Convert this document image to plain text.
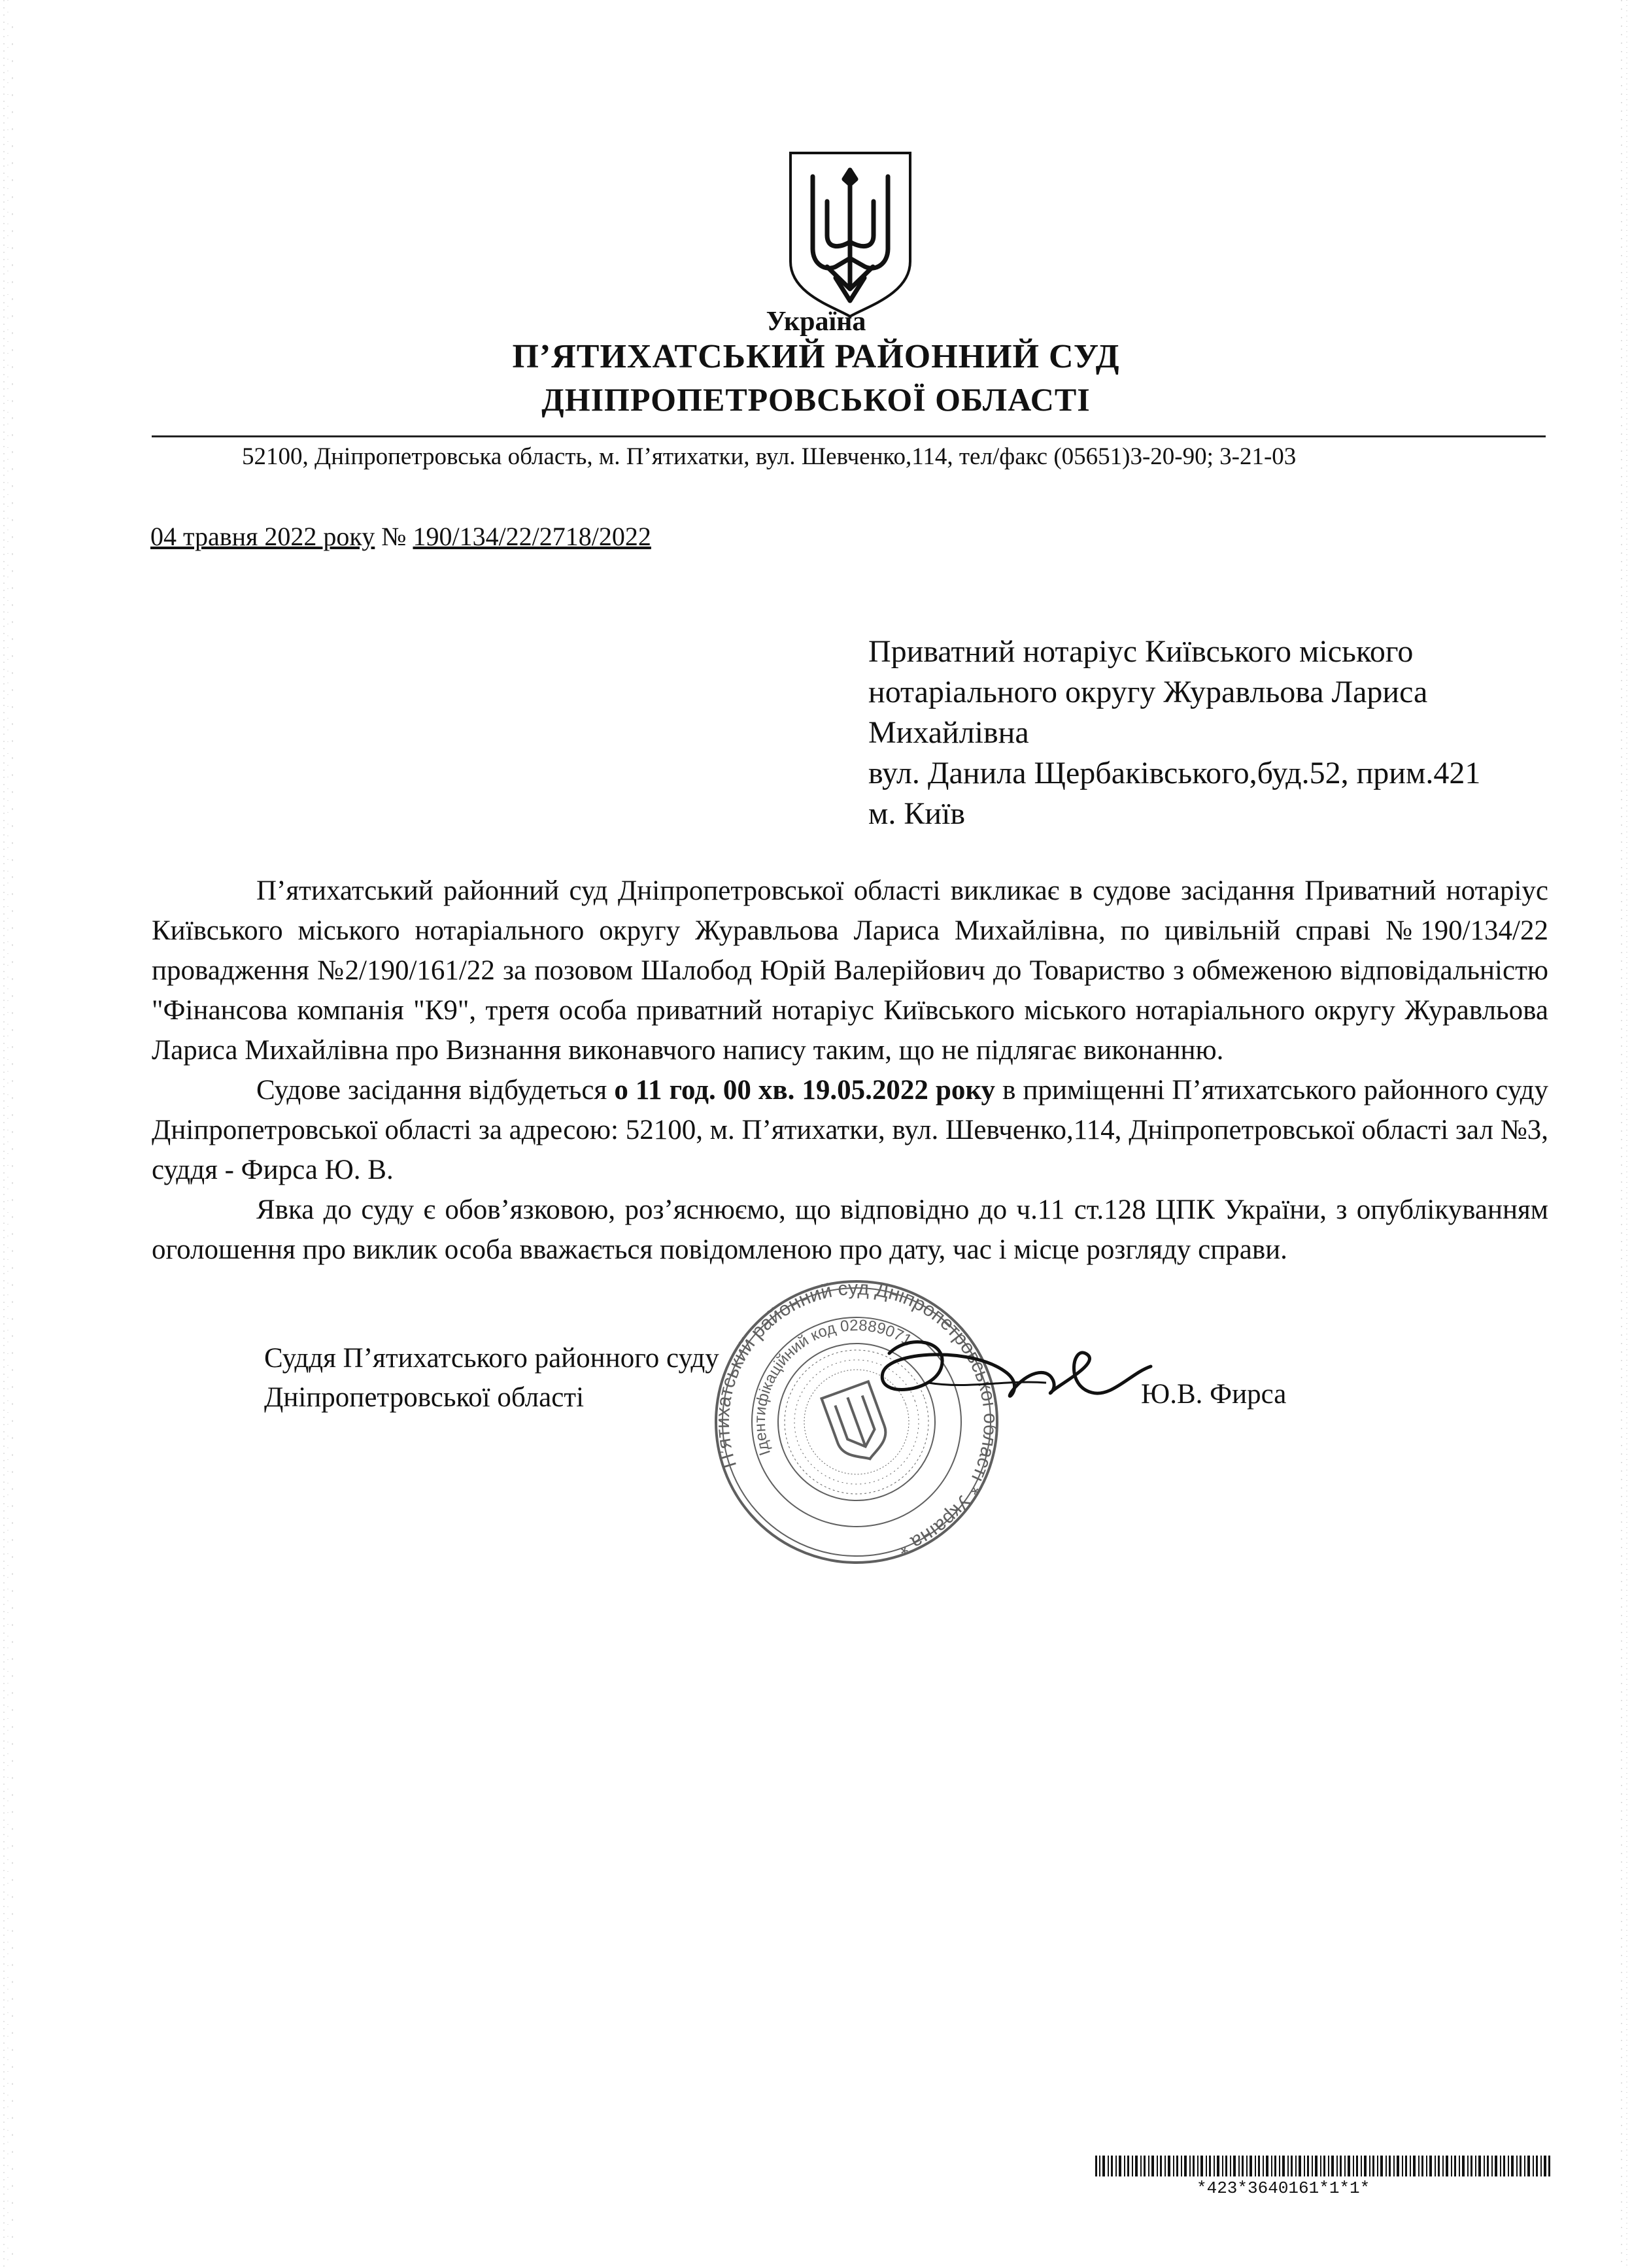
Україна
П’ЯТИХАТСЬКИЙ РАЙОННИЙ СУД
ДНІПРОПЕТРОВСЬКОЇ ОБЛАСТІ
52100, Дніпропетровська область, м. П’ятихатки, вул. Шевченко,114, тел/факс (05651)3-20-90; 3-21-03
04 травня 2022 року № 190/134/22/2718/2022
Приватний нотаріус Київського міського
нотаріального округу Журавльова Лариса
Михайлівна
вул. Данила Щербаківського,буд.52, прим.421
м. Київ

П’ятихатський районний суд Дніпропетровської області викликає в судове засідання Приватний нотаріус Київського міського нотаріального округу Журавльова Лариса Михайлівна, по цивільній справі №190/134/22 провадження №2/190/161/22 за позовом Шалобод Юрій Валерійович до Товариство з обмеженою відповідальністю "Фінансова компанія "К9", третя особа приватний нотаріус Київського міського нотаріального округу Журавльова Лариса Михайлівна про Визнання виконавчого напису таким, що не підлягає виконанню.

Судове засідання відбудеться о 11 год. 00 хв. 19.05.2022 року в приміщенні П’ятихатського районного суду Дніпропетровської області за адресою: 52100, м. П’ятихатки, вул. Шевченко,114, Дніпропетровської області зал №3, суддя - Фирса Ю. В.

Явка до суду є обов’язковою, роз’яснюємо, що відповідно до ч.11 ст.128 ЦПК України, з опублікуванням оголошення про виклик особа вважається повідомленою про дату, час і місце розгляду справи.

Суддя П’ятихатського районного суду
Дніпропетровської області	Ю.В. Фирса
П’ятихатський районний суд Дніпропетровської області * Україна *
Ідентифікаційний код 02889071
*423*3640161*1*1*
